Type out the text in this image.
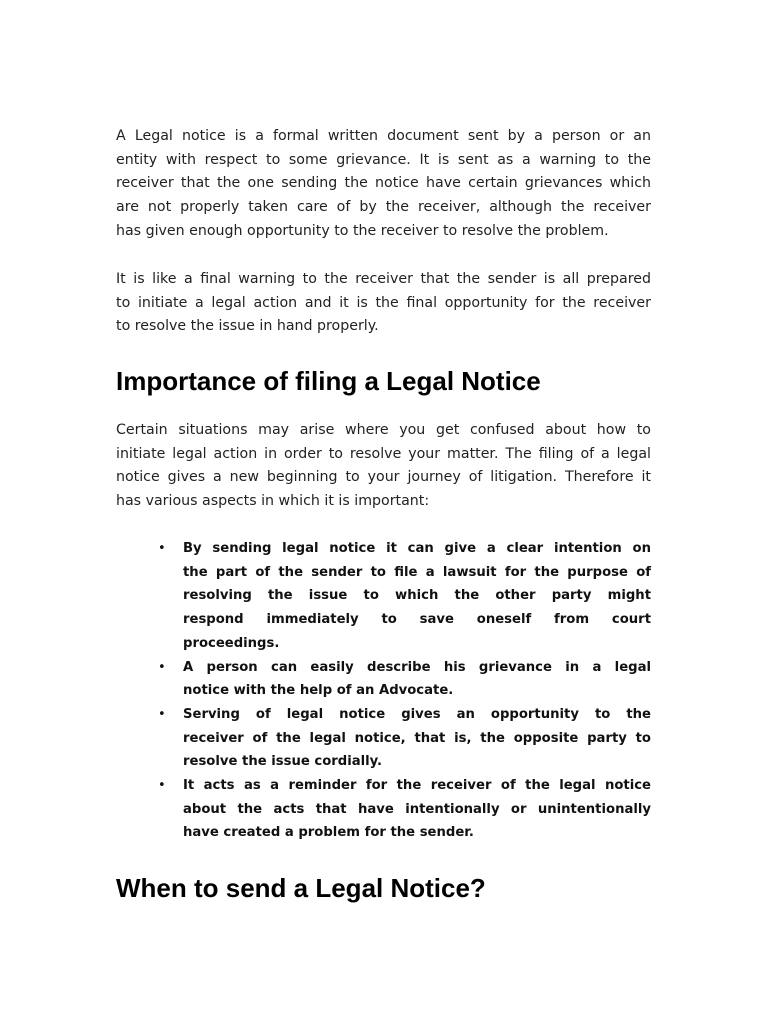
A Legal notice is a formal written document sent by a person or an
entity with respect to some grievance. It is sent as a warning to the
receiver that the one sending the notice have certain grievances which
are not properly taken care of by the receiver, although the receiver
has given enough opportunity to the receiver to resolve the problem.
It is like a final warning to the receiver that the sender is all prepared
to initiate a legal action and it is the final opportunity for the receiver
to resolve the issue in hand properly.
Importance of filing a Legal Notice
Certain situations may arise where you get confused about how to
initiate legal action in order to resolve your matter. The filing of a legal
notice gives a new beginning to your journey of litigation. Therefore it
has various aspects in which it is important:
• By sending legal notice it can give a clear intention on
the part of the sender to file a lawsuit for the purpose of
resolving the issue to which the other party might
respond immediately to save oneself from court
proceedings.
• A person can easily describe his grievance in a legal
notice with the help of an Advocate.
• Serving of legal notice gives an opportunity to the
receiver of the legal notice, that is, the opposite party to
resolve the issue cordially.
• It acts as a reminder for the receiver of the legal notice
about the acts that have intentionally or unintentionally
have created a problem for the sender.
When to send a Legal Notice?
